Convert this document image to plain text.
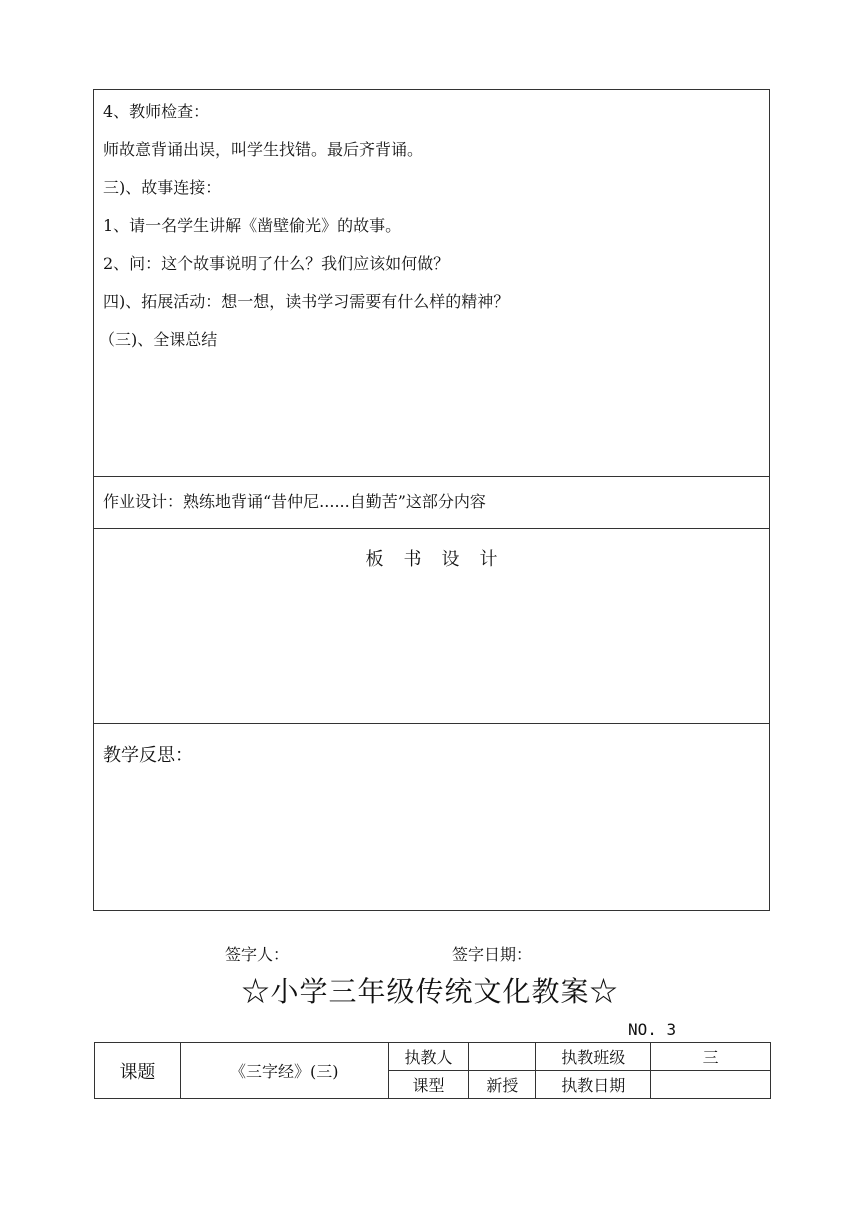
4、教师检查：
师故意背诵出误，叫学生找错。最后齐背诵。
三)、故事连接：
1、请一名学生讲解《凿壁偷光》的故事。
2、问：这个故事说明了什么？我们应该如何做？
四)、拓展活动：想一想，读书学习需要有什么样的精神？
（三)、全课总结
作业设计：熟练地背诵“昔仲尼......自勤苦”这部分内容
板书设计
教学反思：
签字人：	签字日期：
☆小学三年级传统文化教案☆
NO. 3
课题	《三字经》(三)	执教人		执教班级	三
		课型	新授	执教日期	
